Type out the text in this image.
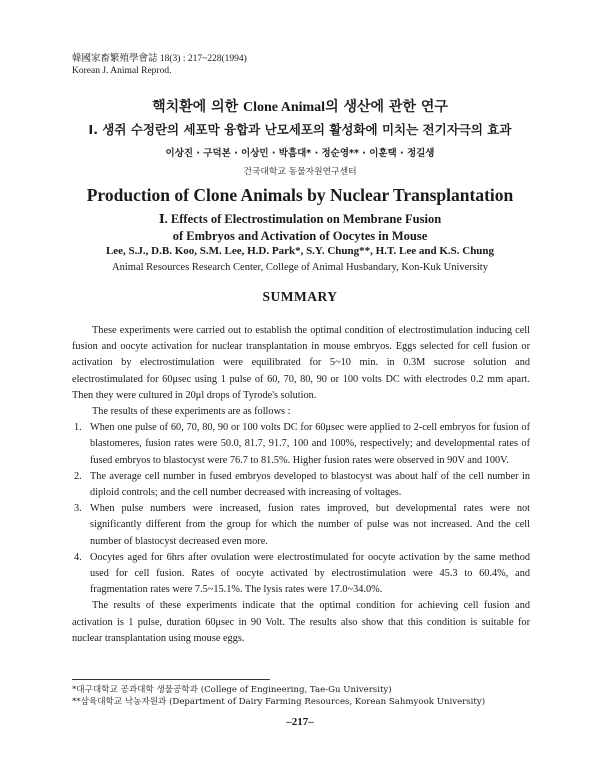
韓國家畜繁殖學會誌 18(3) : 217~228(1994)
Korean J. Animal Reprod.
핵치환에 의한 Clone Animal의 생산에 관한 연구
Ⅰ. 생쥐 수정란의 세포막 융합과 난모세포의 활성화에 미치는 전기자극의 효과
이상진 · 구덕본 · 이상민 · 박흠대* · 정순영** · 이훈택 · 정길생
건국대학교 동물자원연구센터
Production of Clone Animals by Nuclear Transplantation
Ⅰ. Effects of Electrostimulation on Membrane Fusion
of Embryos and Activation of Oocytes in Mouse
Lee, S.J., D.B. Koo, S.M. Lee, H.D. Park*, S.Y. Chung**, H.T. Lee and K.S. Chung
Animal Resources Research Center, College of Animal Husbandary, Kon-Kuk University
SUMMARY

These experiments were carried out to establish the optimal condition of electrostimulation inducing cell fusion and oocyte activation for nuclear transplantation in mouse embryos. Eggs selected for cell fusion or activation by electrostimulation were equilibrated for 5~10 min. in 0.3M sucrose solution and electrostimulated for 60μsec using 1 pulse of 60, 70, 80, 90 or 100 volts DC with electrodes 0.2 mm apart. Then they were cultured in 20μl drops of Tyrode's solution.

The results of these experiments are as follows :

1. When one pulse of 60, 70, 80, 90 or 100 volts DC for 60μsec were applied to 2-cell embryos for fusion of blastomeres, fusion rates were 50.0, 81.7, 91.7, 100 and 100%, respectively; and developmental rates of fused embryos to blastocyst were 76.7 to 81.5%. Higher fusion rates were observed in 90V and 100V.
2. The average cell number in fused embryos developed to blastocyst was about half of the cell number in diploid controls; and the cell number decreased with increasing of voltages.
3. When pulse numbers were increased, fusion rates improved, but developmental rates were not significantly different from the group for which the number of pulse was not increased. And the cell number of blastocyst decreased even more.
4. Oocytes aged for 6hrs after ovulation were electrostimulated for oocyte activation by the same method used for cell fusion. Rates of oocyte activated by electrostimulation were 45.3 to 60.4%, and fragmentation rates were 7.5~15.1%. The lysis rates were 17.0~34.0%.

The results of these experiments indicate that the optimal condition for achieving cell fusion and activation is 1 pulse, duration 60μsec in 90 Volt. The results also show that this condition is suitable for nuclear transplantation using mouse eggs.

*대구대학교 공과대학 생물공학과 (College of Engineering, Tae-Gu University)
**삼육대학교 낙농자원과 (Department of Dairy Farming Resources, Korean Sahmyook University)
–217–
